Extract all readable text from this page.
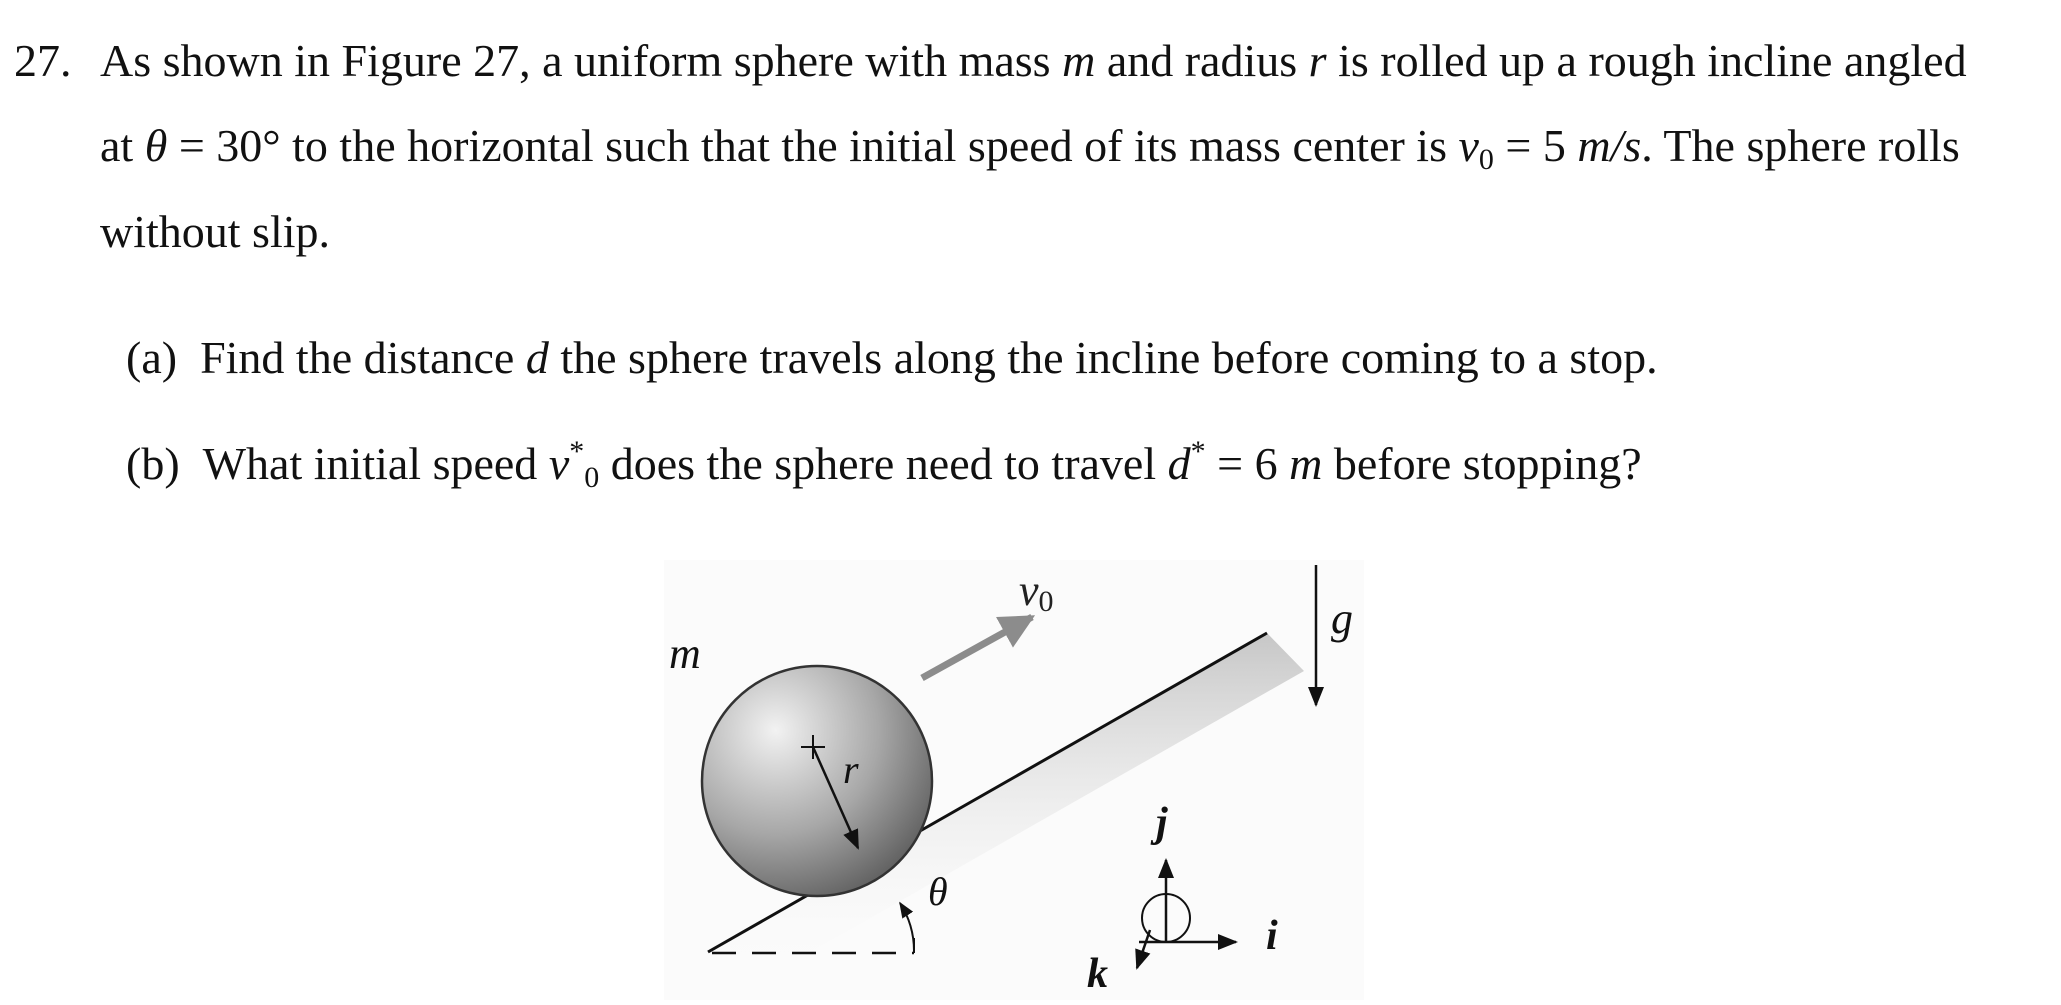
27. As shown in Figure 27, a uniform sphere with mass m and radius r is rolled up a rough incline angled
at θ = 30° to the horizontal such that the initial speed of its mass center is $v_0 = 5$ m/s. The sphere rolls
without slip.
(a) Find the distance d the sphere travels along the incline before coming to a stop.
(b) What initial speed $v^*_0$ does the sphere need to travel d* = 6 m before stopping?
m
r
v0	g
θ
j
i
k
